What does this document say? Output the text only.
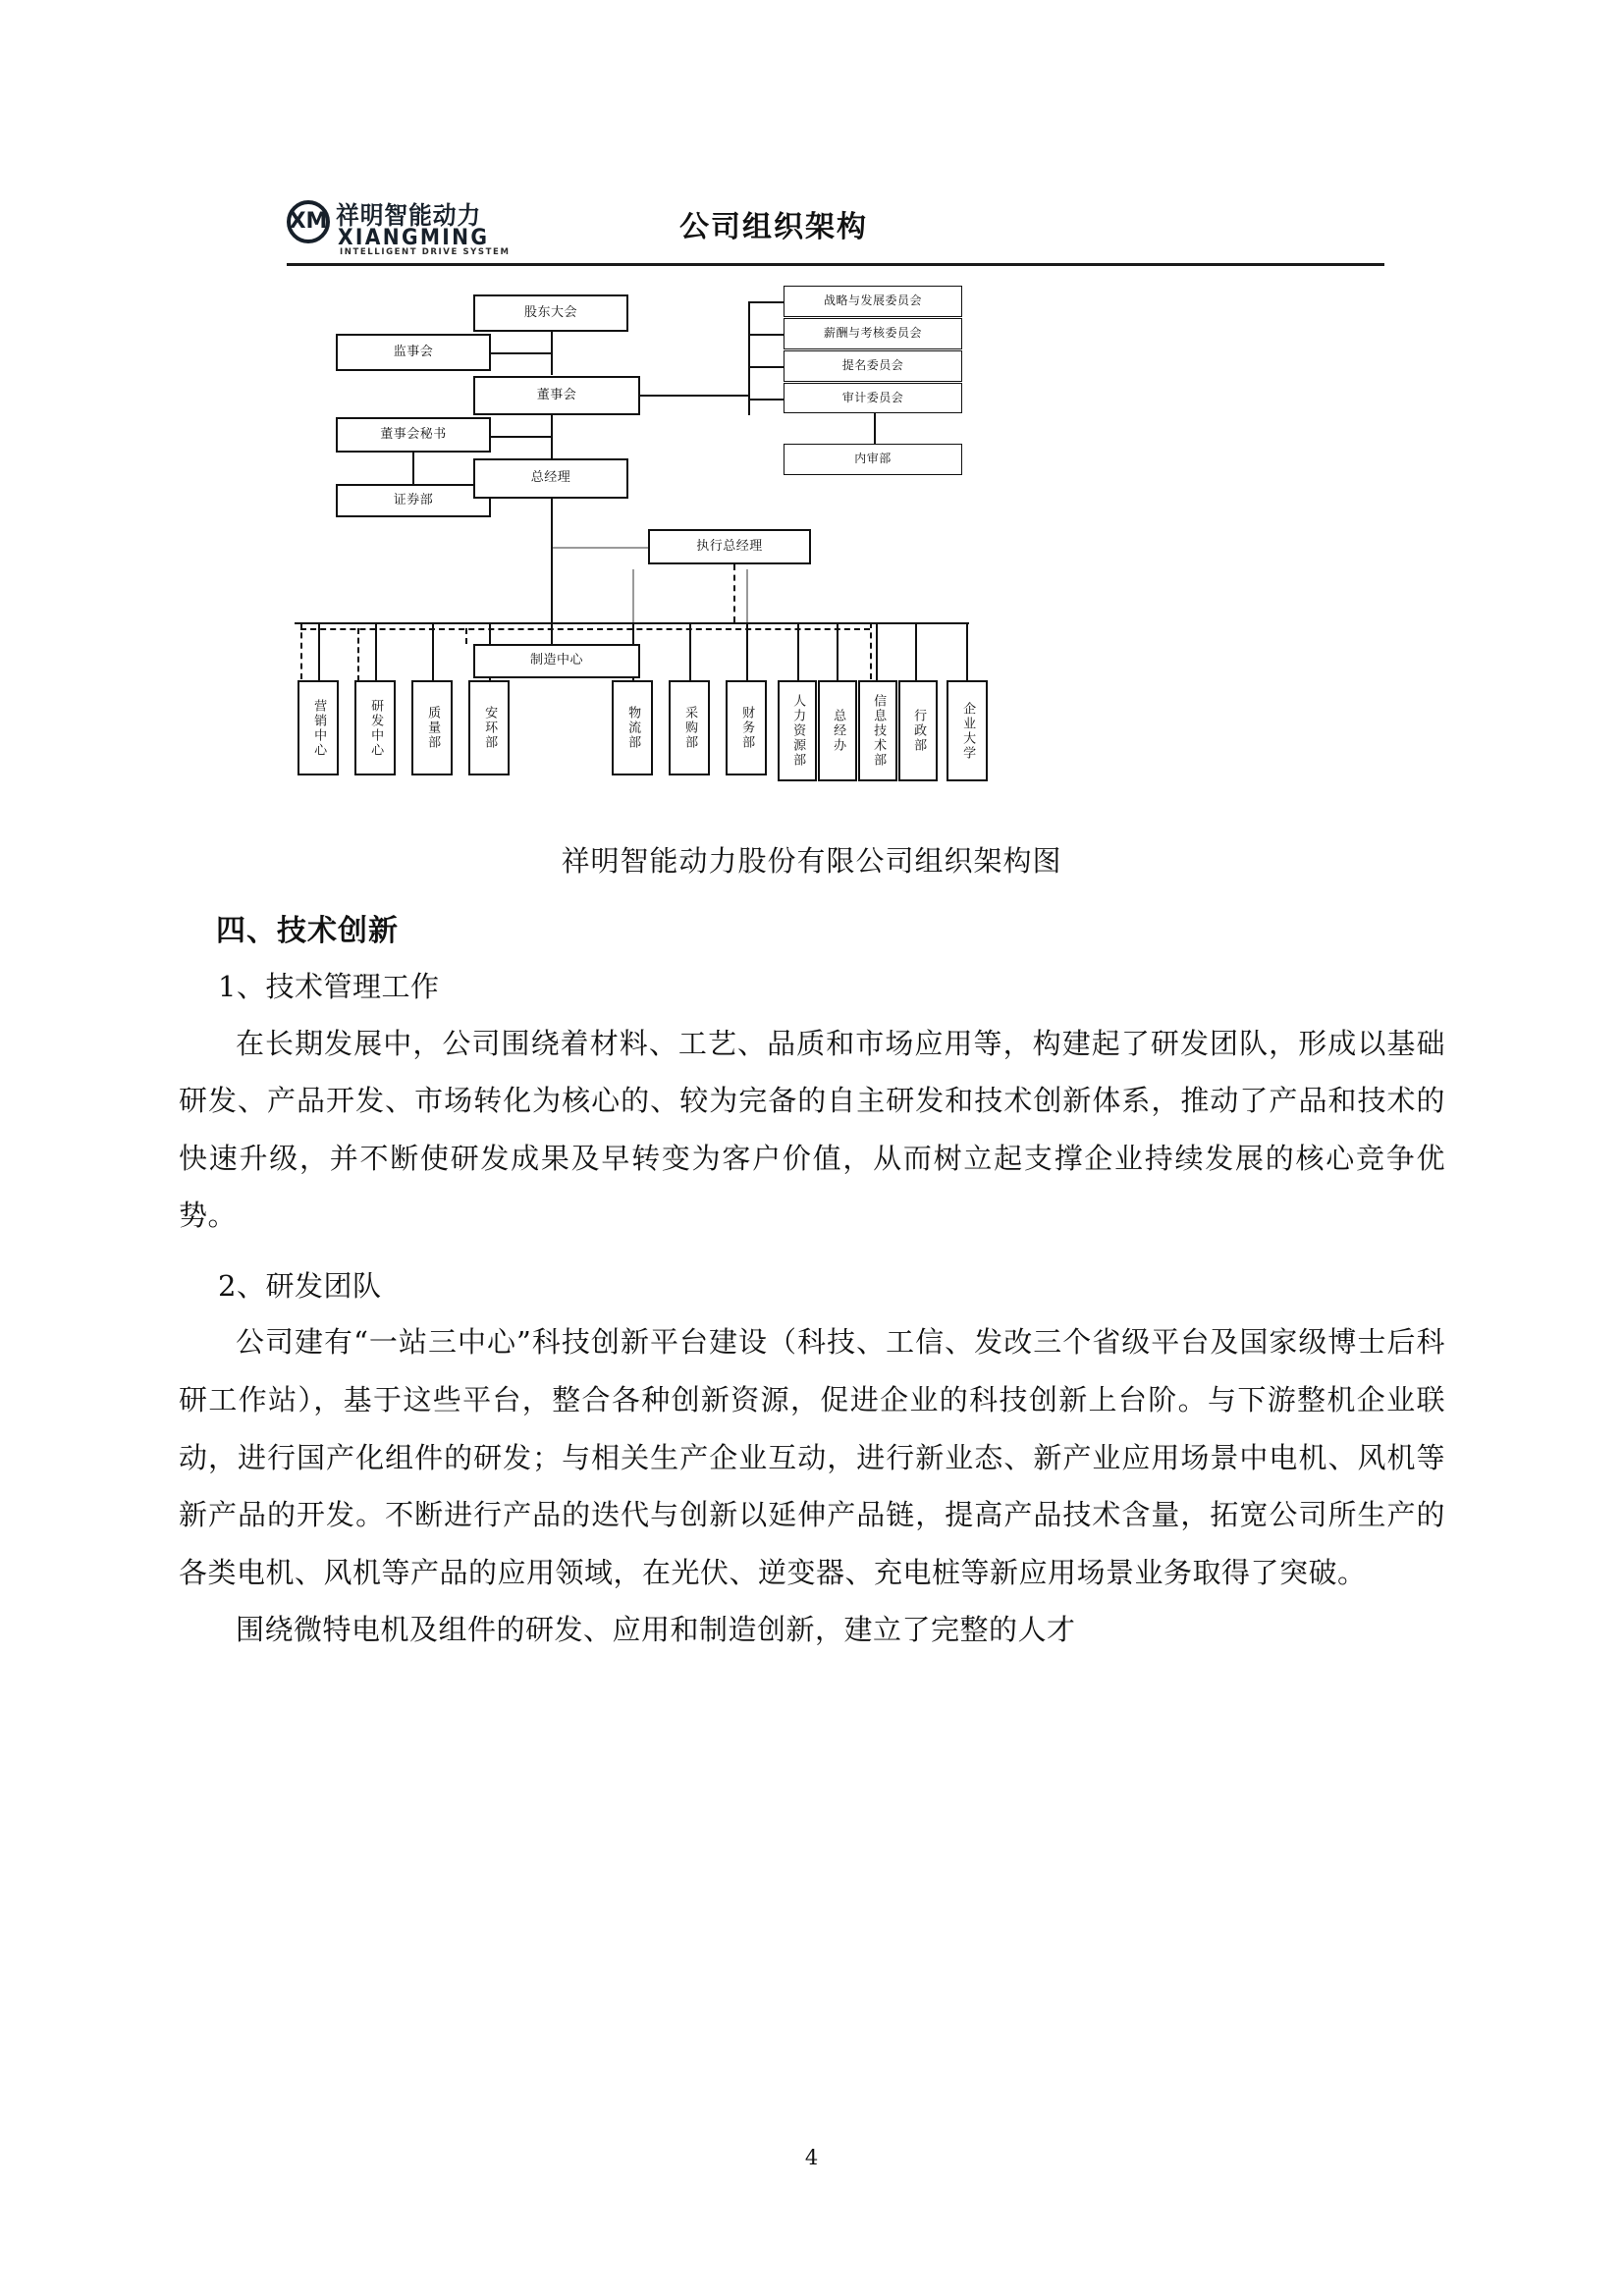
XM 祥明智能动力
XIANGMING
INTELLIGENT DRIVE SYSTEM
公司组织架构
股东大会
监事会
董事会
董事会秘书
证券部
总经理
战略与发展委员会
薪酬与考核委员会
提名委员会
审计委员会
内审部
执行总经理
制造中心
营销中心	研发中心	质量部	安环部	物流部	采购部	财务部	人力资源部 总经办 信息技术部 行政部	企业大学
祥明智能动力股份有限公司组织架构图
四、技术创新

1、技术管理工作

在长期发展中，公司围绕着材料、工艺、品质和市场应用等，构建起了研发团队，形成以基础研发、产品开发、市场转化为核心的、较为完备的自主研发和技术创新体系，推动了产品和技术的快速升级，并不断使研发成果及早转变为客户价值，从而树立起支撑企业持续发展的核心竞争优势。

2、研发团队

公司建有“一站三中心”科技创新平台建设（科技、工信、发改三个省级平台及国家级博士后科研工作站），基于这些平台，整合各种创新资源，促进企业的科技创新上台阶。与下游整机企业联动，进行国产化组件的研发；与相关生产企业互动，进行新业态、新产业应用场景中电机、风机等新产品的开发。不断进行产品的迭代与创新以延伸产品链，提高产品技术含量，拓宽公司所生产的各类电机、风机等产品的应用领域，在光伏、逆变器、充电桩等新应用场景业务取得了突破。

围绕微特电机及组件的研发、应用和制造创新，建立了完整的人才

4
